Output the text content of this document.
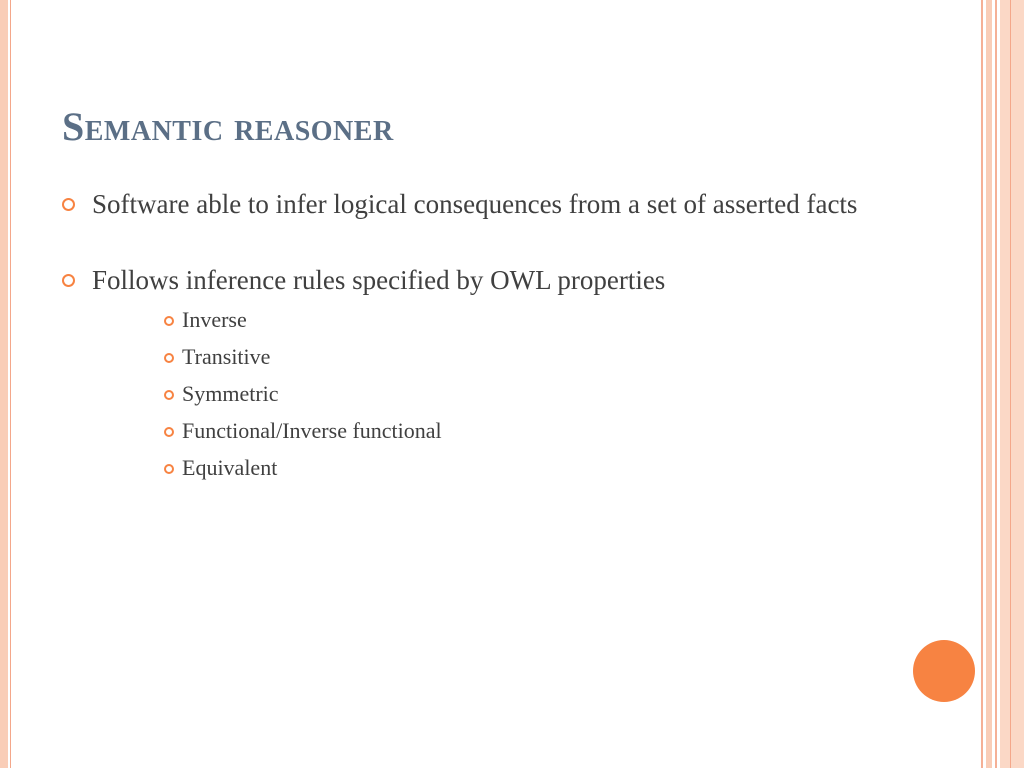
Semantic reasoner
Software able to infer logical consequences from a set of asserted facts
Follows inference rules specified by OWL properties
Inverse
Transitive
Symmetric
Functional/Inverse functional
Equivalent
